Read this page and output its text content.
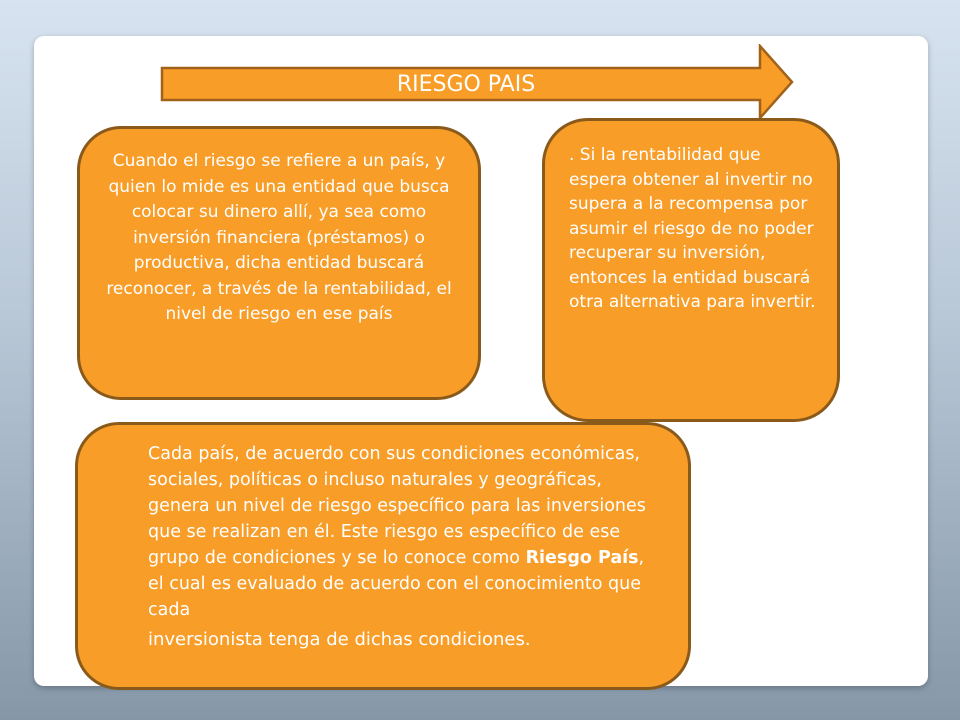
RIESGO PAIS
Cuando el riesgo se refiere a un país, y quien lo mide es una entidad que busca colocar su dinero allí, ya sea como inversión financiera (préstamos) o productiva, dicha entidad buscará reconocer, a través de la rentabilidad, el nivel de riesgo en ese país
. Si la rentabilidad que espera obtener al invertir no supera a la recompensa por asumir el riesgo de no poder recuperar su inversión, entonces la entidad buscará otra alternativa para invertir.
Cada país, de acuerdo con sus condiciones económicas, sociales, políticas o incluso naturales y geográficas, genera un nivel de riesgo específico para las inversiones que se realizan en él. Este riesgo es específico de ese grupo de condiciones y se lo conoce como Riesgo País, el cual es evaluado de acuerdo con el conocimiento que cada
inversionista tenga de dichas condiciones.
